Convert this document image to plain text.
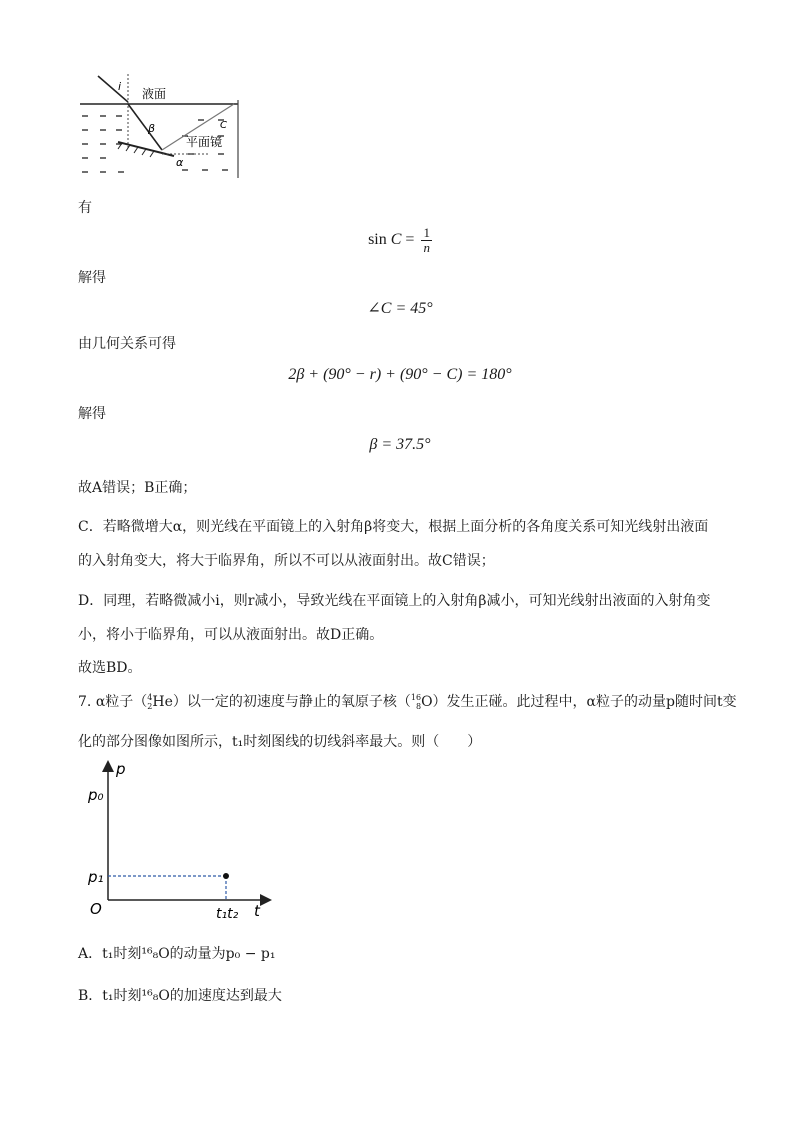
i
液面
β	C
平面镜
α
有
$\sin C = \frac{1}{n}$
解得
∠C = 45°
由几何关系可得
2β + (90° − r) + (90° − C) = 180°
解得
β = 37.5°
故A错误；B正确；
C．若略微增大α，则光线在平面镜上的入射角β将变大，根据上面分析的各角度关系可知光线射出液面的入射角变大，将大于临界角，所以不可以从液面射出。故C错误；
D．同理，若略微减小i，则r减小，导致光线在平面镜上的入射角β减小，可知光线射出液面的入射角变小，将小于临界角，可以从液面射出。故D正确。
故选BD。
7. α粒子（ 4
2 He）以一定的初速度与静止的氧原子核（ 16
8 O）发生正碰。此过程中，α粒子的动量p随时间t变
化的部分图像如图所示，t₁时刻图线的切线斜率最大。则（　　）
p
t
p₀
p₁
O	t₁t₂
A．t₁时刻¹⁶₈O的动量为p₀ − p₁
B．t₁时刻¹⁶₈O的加速度达到最大
